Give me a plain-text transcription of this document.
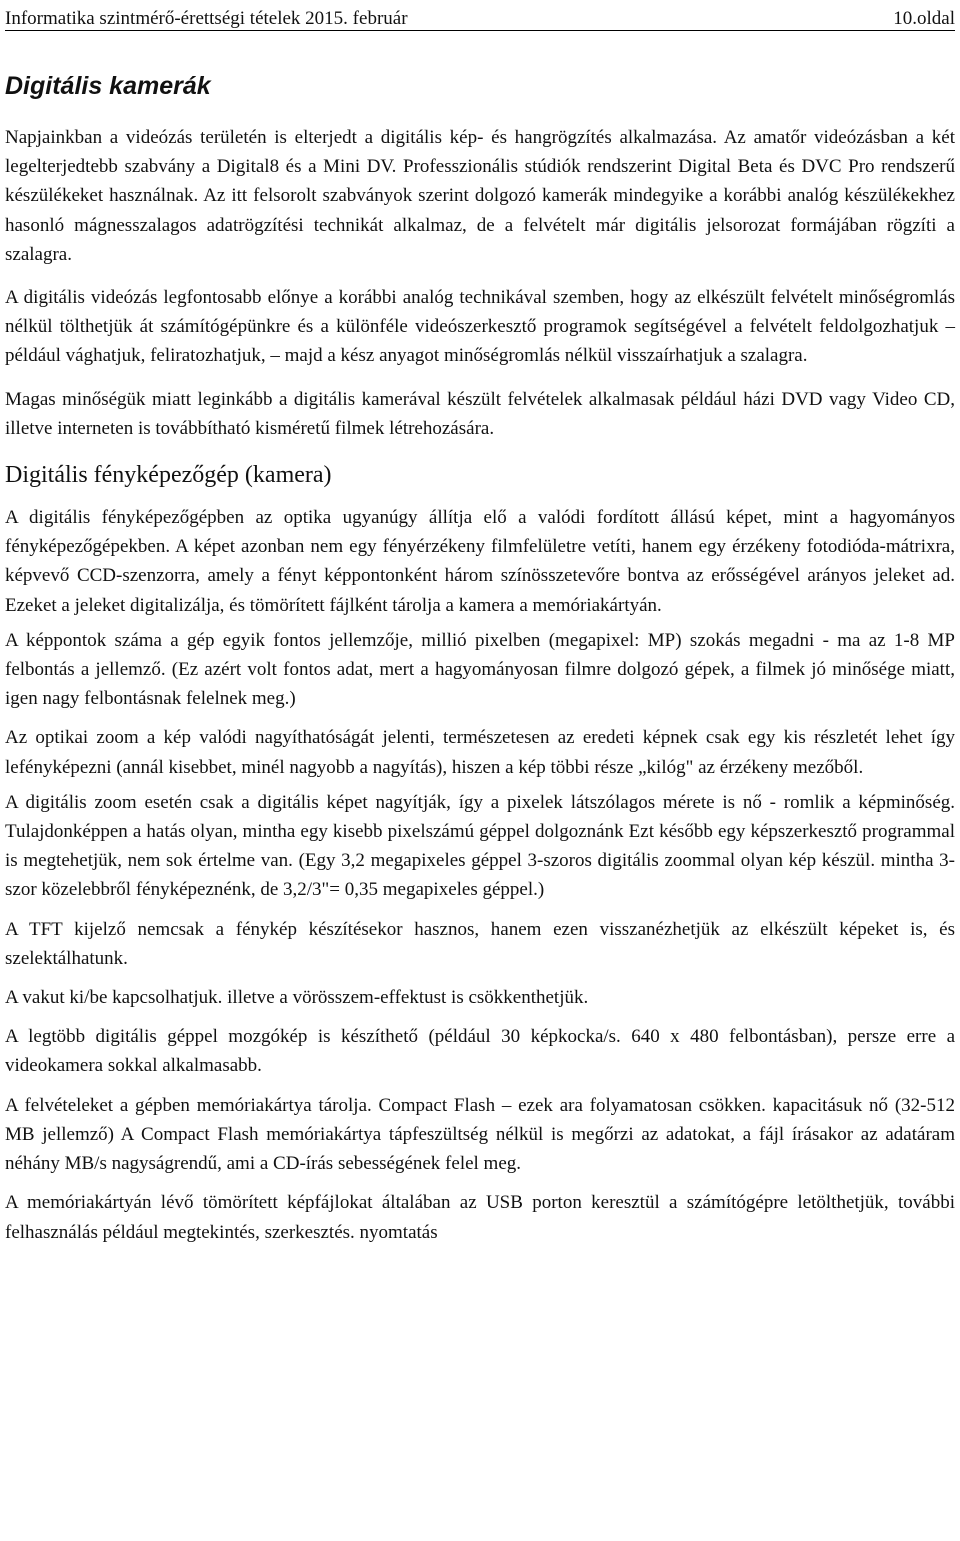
Informatika szintmérő-érettségi tételek 2015. február	10.oldal
Digitális kamerák

Napjainkban a videózás területén is elterjedt a digitális kép- és hangrögzítés alkalmazása. Az amatőr videózásban a két legelterjedtebb szabvány a Digital8 és a Mini DV. Professzionális stúdiók rendszerint Digital Beta és DVC Pro rendszerű készülékeket használnak. Az itt felsorolt szabványok szerint dolgozó kamerák mindegyike a korábbi analóg készülékekhez hasonló mágnesszalagos adatrögzítési technikát alkalmaz, de a felvételt már digitális jelsorozat formájában rögzíti a szalagra.

A digitális videózás legfontosabb előnye a korábbi analóg technikával szemben, hogy az elkészült felvételt minőségromlás nélkül tölthetjük át számítógépünkre és a különféle videószerkesztő programok segítségével a felvételt feldolgozhatjuk – például vághatjuk, feliratozhatjuk, – majd a kész anyagot minőségromlás nélkül visszaírhatjuk a szalagra.

Magas minőségük miatt leginkább a digitális kamerával készült felvételek alkalmasak például házi DVD vagy Video CD, illetve interneten is továbbítható kisméretű filmek létrehozására.

Digitális fényképezőgép (kamera)

A digitális fényképezőgépben az optika ugyanúgy állítja elő a valódi fordított állású képet, mint a hagyományos fényképezőgépekben. A képet azonban nem egy fényérzékeny filmfelületre vetíti, hanem egy érzékeny fotodióda-mátrixra, képvevő CCD-szenzorra, amely a fényt képpontonként három színösszetevőre bontva az erősségével arányos jeleket ad. Ezeket a jeleket digitalizálja, és tömörített fájlként tárolja a kamera a memóriakártyán.

A képpontok száma a gép egyik fontos jellemzője, millió pixelben (megapixel: MP) szokás megadni - ma az 1-8 MP felbontás a jellemző. (Ez azért volt fontos adat, mert a hagyományosan filmre dolgozó gépek, a filmek jó minősége miatt, igen nagy felbontásnak felelnek meg.)

Az optikai zoom a kép valódi nagyíthatóságát jelenti, természetesen az eredeti képnek csak egy kis részletét lehet így lefényképezni (annál kisebbet, minél nagyobb a nagyítás), hiszen a kép többi része „kilóg" az érzékeny mezőből.

A digitális zoom esetén csak a digitális képet nagyítják, így a pixelek látszólagos mérete is nő - romlik a képminőség. Tulajdonképpen a hatás olyan, mintha egy kisebb pixelszámú géppel dolgoznánk Ezt később egy képszerkesztő programmal is megtehetjük, nem sok értelme van. (Egy 3,2 megapixeles géppel 3-szoros digitális zoommal olyan kép készül. mintha 3-szor közelebbről fényképeznénk, de 3,2/3"= 0,35 megapixeles géppel.)

A TFT kijelző nemcsak a fénykép készítésekor hasznos, hanem ezen visszanézhetjük az elkészült képeket is, és szelektálhatunk.

A vakut ki/be kapcsolhatjuk. illetve a vörösszem-effektust is csökkenthetjük.

A legtöbb digitális géppel mozgókép is készíthető (például 30 képkocka/s. 640 x 480 felbontásban), persze erre a videokamera sokkal alkalmasabb.

A felvételeket a gépben memóriakártya tárolja. Compact Flash – ezek ara folyamatosan csökken. kapacitásuk nő (32-512 MB jellemző) A Compact Flash memóriakártya tápfeszültség nélkül is megőrzi az adatokat, a fájl írásakor az adatáram néhány MB/s nagyságrendű, ami a CD-írás sebességének felel meg.

A memóriakártyán lévő tömörített képfájlokat általában az USB porton keresztül a számítógépre letölthetjük, további felhasználás például megtekintés, szerkesztés. nyomtatás
